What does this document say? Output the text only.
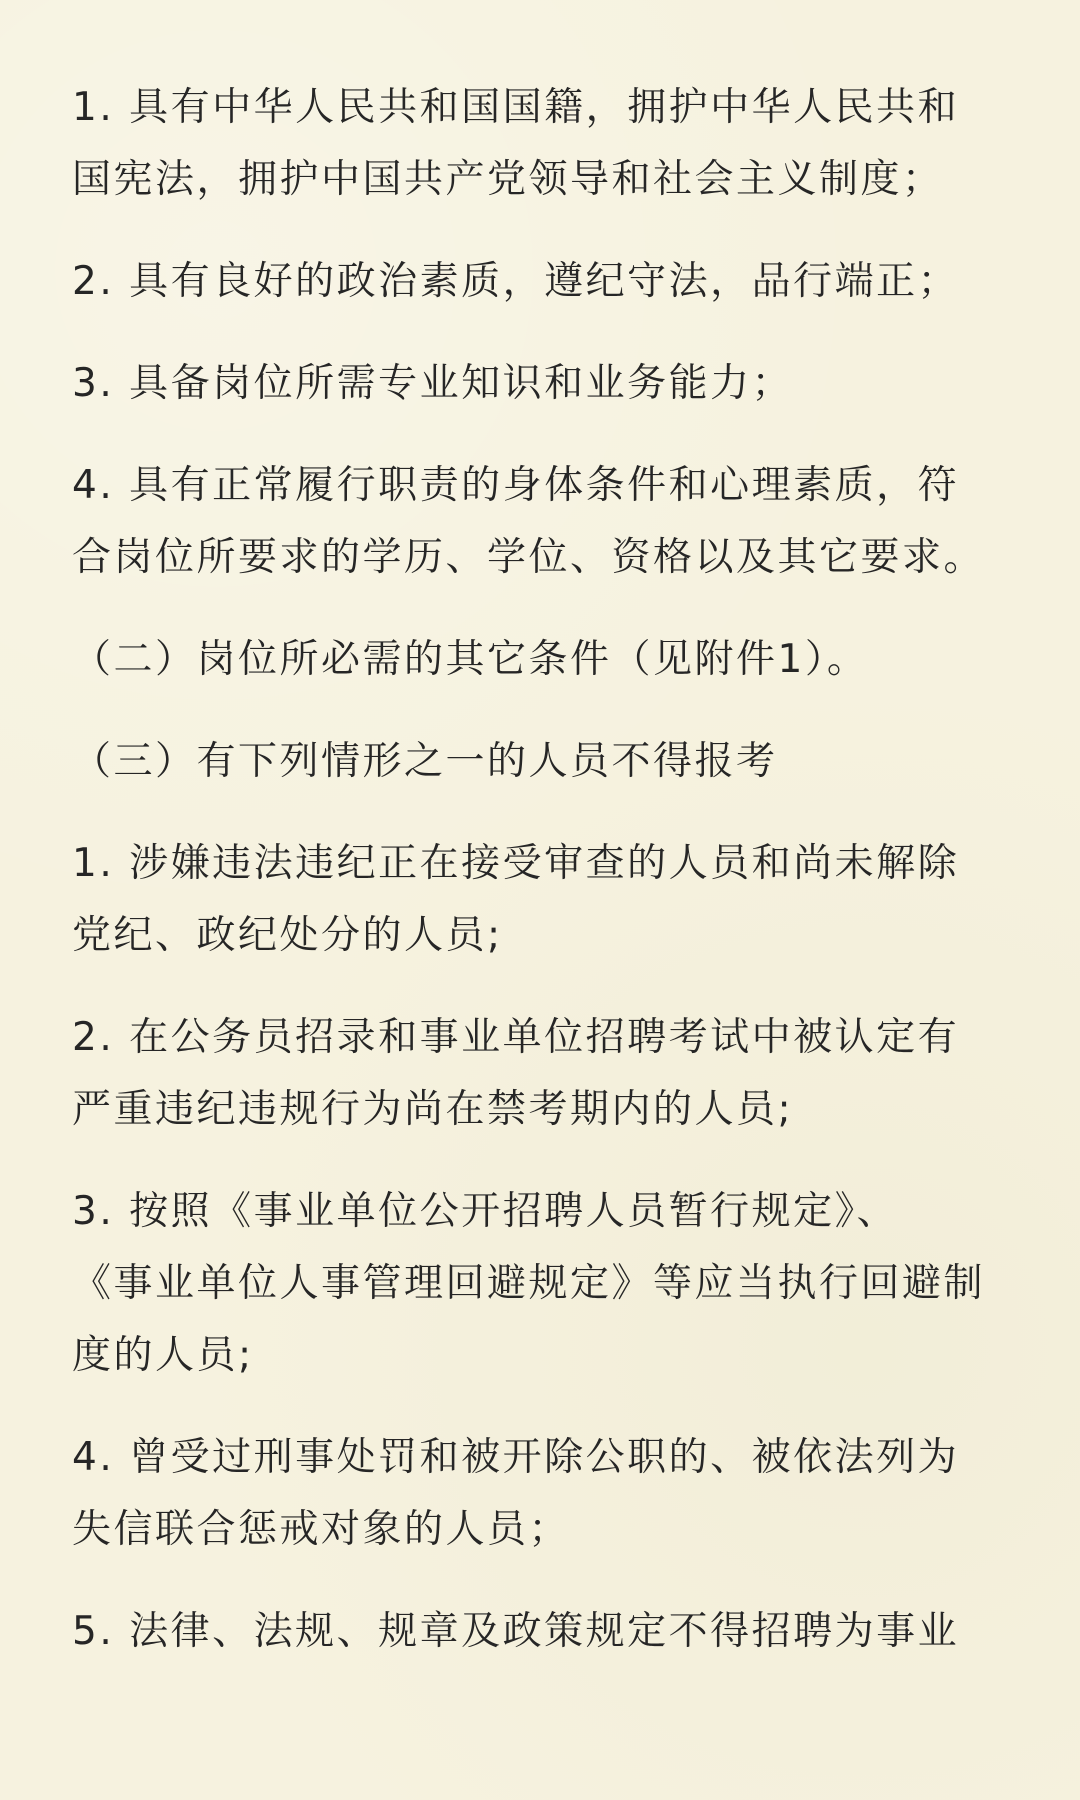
1. 具有中华人民共和国国籍，拥护中华人民共和
国宪法，拥护中国共产党领导和社会主义制度；
2. 具有良好的政治素质，遵纪守法，品行端正；
3. 具备岗位所需专业知识和业务能力；
4. 具有正常履行职责的身体条件和心理素质，符
合岗位所要求的学历、学位、资格以及其它要求。
（二）岗位所必需的其它条件（见附件1）。
（三）有下列情形之一的人员不得报考
1. 涉嫌违法违纪正在接受审查的人员和尚未解除
党纪、政纪处分的人员;
2. 在公务员招录和事业单位招聘考试中被认定有
严重违纪违规行为尚在禁考期内的人员;
3. 按照《事业单位公开招聘人员暂行规定》、
《事业单位人事管理回避规定》等应当执行回避制
度的人员;
4. 曾受过刑事处罚和被开除公职的、被依法列为
失信联合惩戒对象的人员；
5. 法律、法规、规章及政策规定不得招聘为事业
